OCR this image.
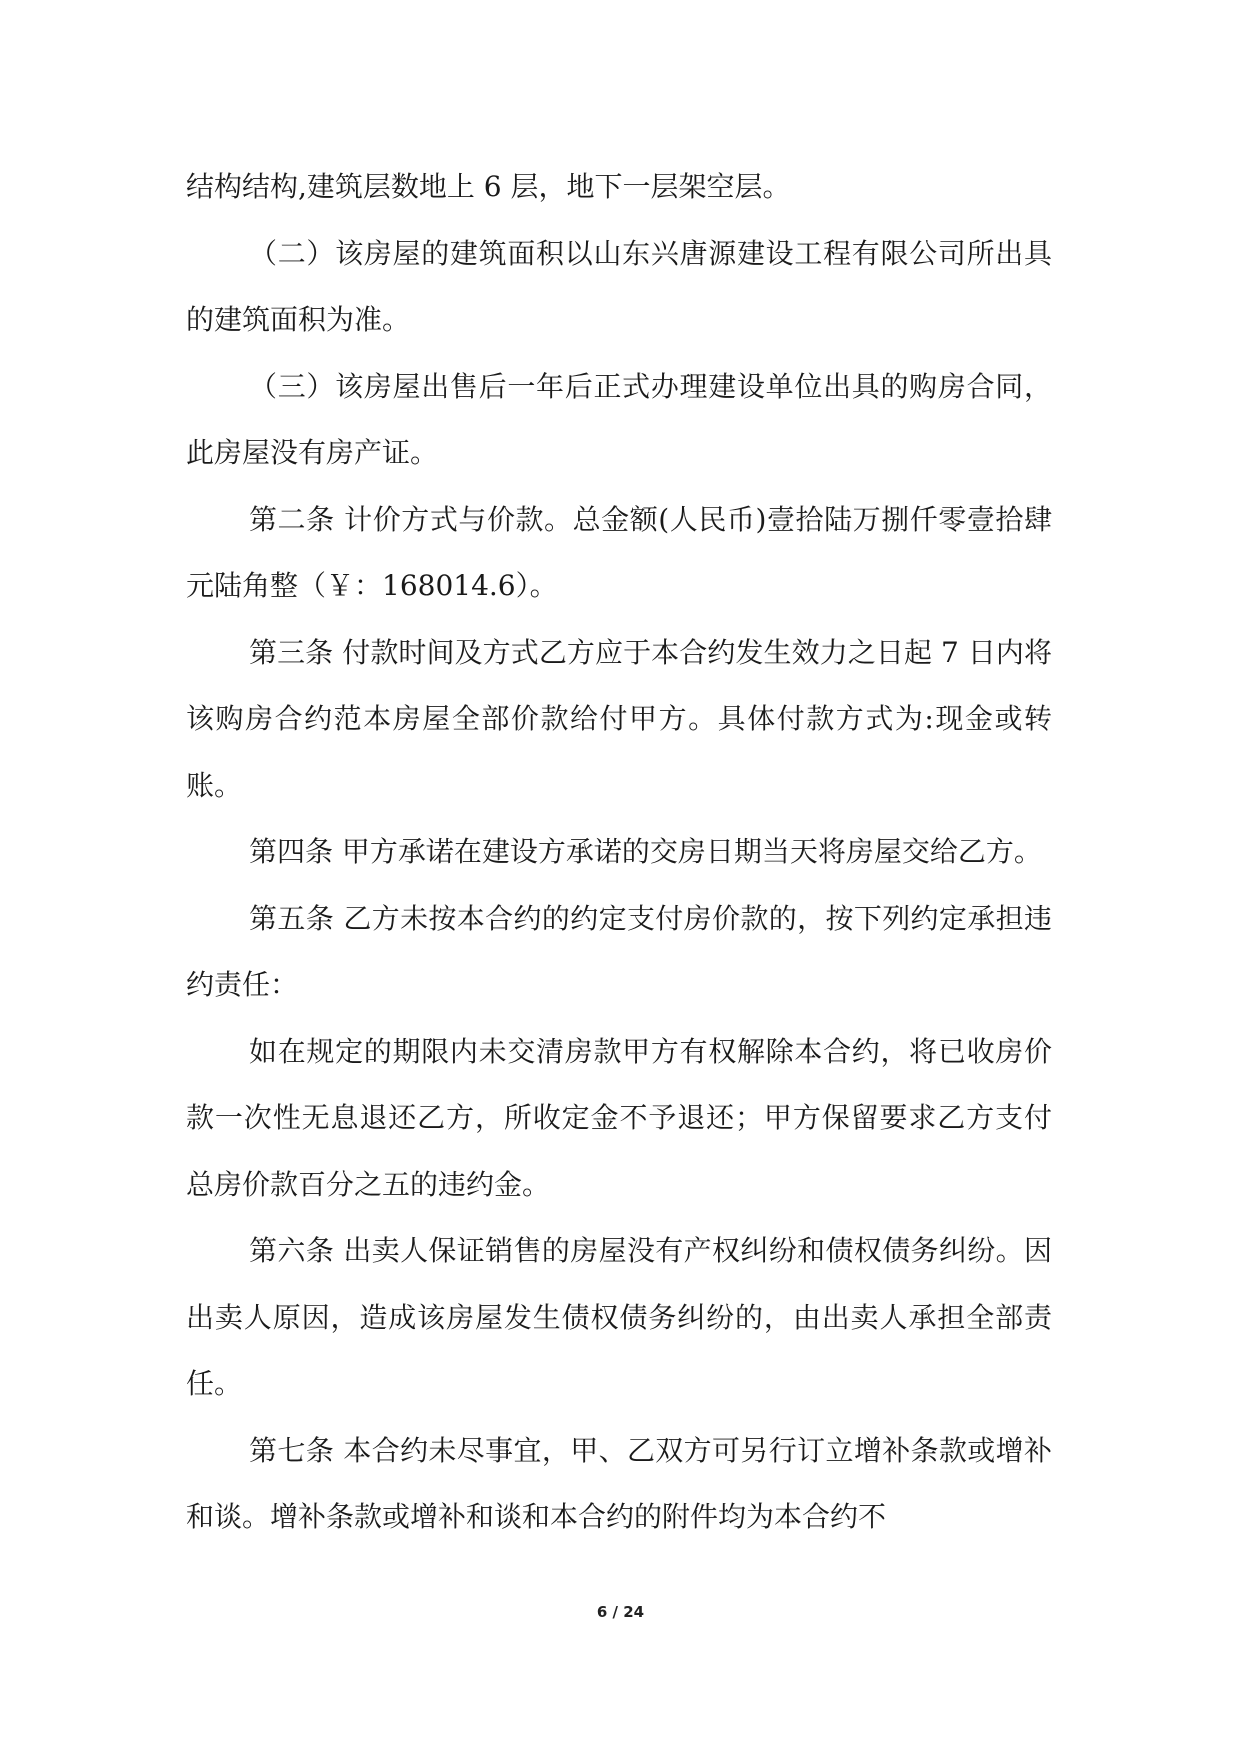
结构结构,建筑层数地上 6 层，地下一层架空层。

（二）该房屋的建筑面积以山东兴唐源建设工程有限公司所出具的建筑面积为准。

（三）该房屋出售后一年后正式办理建设单位出具的购房合同，此房屋没有房产证。

第二条 计价方式与价款。总金额(人民币)壹拾陆万捌仟零壹拾肆元陆角整（￥：168014.6）。

第三条 付款时间及方式乙方应于本合约发生效力之日起 7 日内将该购房合约范本房屋全部价款给付甲方。具体付款方式为:现金或转账。

第四条 甲方承诺在建设方承诺的交房日期当天将房屋交给乙方。

第五条 乙方未按本合约的约定支付房价款的，按下列约定承担违约责任：

如在规定的期限内未交清房款甲方有权解除本合约，将已收房价款一次性无息退还乙方，所收定金不予退还；甲方保留要求乙方支付总房价款百分之五的违约金。

第六条 出卖人保证销售的房屋没有产权纠纷和债权债务纠纷。因出卖人原因，造成该房屋发生债权债务纠纷的，由出卖人承担全部责任。

第七条 本合约未尽事宜，甲、乙双方可另行订立增补条款或增补和谈。增补条款或增补和谈和本合约的附件均为本合约不

6 / 24
